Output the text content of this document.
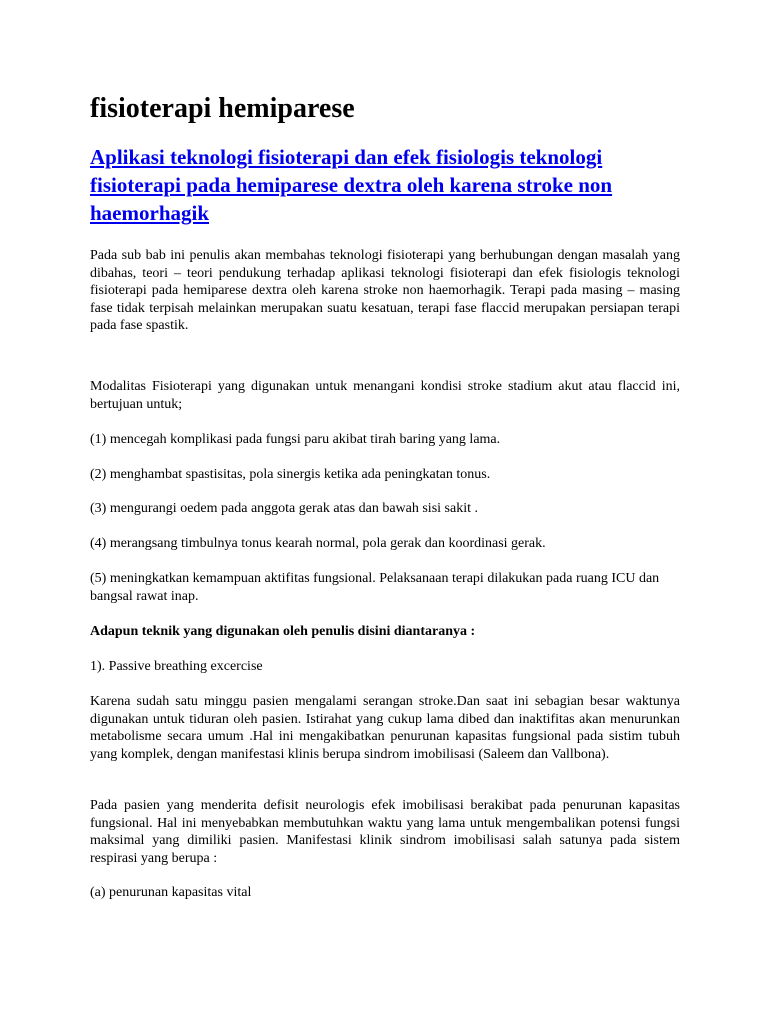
fisioterapi hemiparese
Aplikasi teknologi fisioterapi dan efek fisiologis teknologi fisioterapi pada hemiparese dextra oleh karena stroke non haemorhagik

Pada sub bab ini penulis akan membahas teknologi fisioterapi yang berhubungan dengan masalah yang dibahas, teori – teori pendukung terhadap aplikasi teknologi fisioterapi dan efek fisiologis teknologi fisioterapi pada hemiparese dextra oleh karena stroke non haemorhagik. Terapi pada masing – masing fase tidak terpisah melainkan merupakan suatu kesatuan, terapi fase flaccid merupakan persiapan terapi pada fase spastik.

Modalitas Fisioterapi yang digunakan untuk menangani kondisi stroke stadium akut atau flaccid ini, bertujuan untuk;

(1) mencegah komplikasi pada fungsi paru akibat tirah baring yang lama.

(2) menghambat spastisitas, pola sinergis ketika ada peningkatan tonus.

(3) mengurangi oedem pada anggota gerak atas dan bawah sisi sakit .

(4) merangsang timbulnya tonus kearah normal, pola gerak dan koordinasi gerak.

(5) meningkatkan kemampuan aktifitas fungsional. Pelaksanaan terapi dilakukan pada ruang ICU dan bangsal rawat inap.

Adapun teknik yang digunakan oleh penulis disini diantaranya :

1). Passive breathing excercise

Karena sudah satu minggu pasien mengalami serangan stroke.Dan saat ini sebagian besar waktunya digunakan untuk tiduran oleh pasien. Istirahat yang cukup lama dibed dan inaktifitas akan menurunkan metabolisme secara umum .Hal ini mengakibatkan penurunan kapasitas fungsional pada sistim tubuh yang komplek, dengan manifestasi klinis berupa sindrom imobilisasi (Saleem dan Vallbona).

Pada pasien yang menderita defisit neurologis efek imobilisasi berakibat pada penurunan kapasitas fungsional. Hal ini menyebabkan membutuhkan waktu yang lama untuk mengembalikan potensi fungsi maksimal yang dimiliki pasien. Manifestasi klinik sindrom imobilisasi salah satunya pada sistem respirasi yang berupa :

(a) penurunan kapasitas vital
